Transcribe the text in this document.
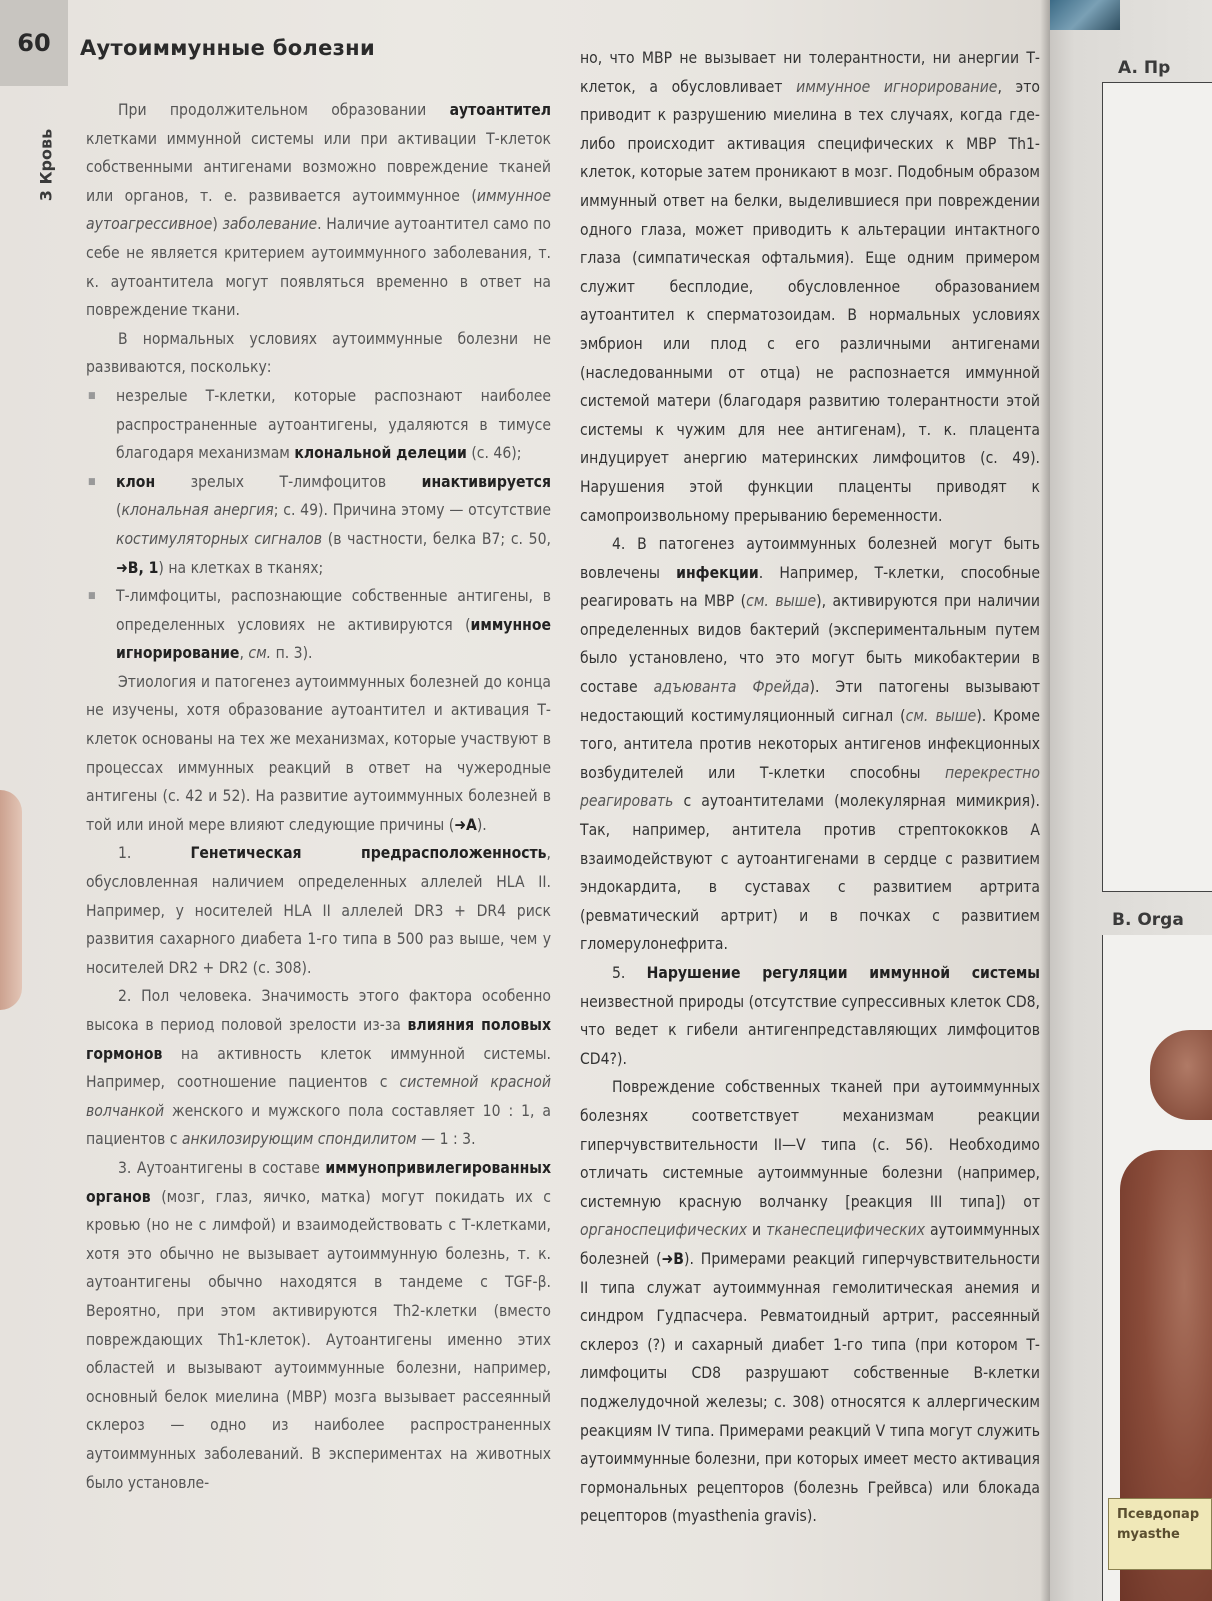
60	Аутоиммунные болезни
3 Кровь

При продолжительном образовании аутоантител клетками иммунной системы или при активации Т-клеток собственными антигенами возможно повреждение тканей или органов, т. е. развивается аутоиммунное (иммунное аутоагрессивное) заболевание. Наличие аутоантител само по себе не является критерием аутоиммунного заболевания, т. к. аутоантитела могут появляться временно в ответ на повреждение ткани.

В нормальных условиях аутоиммунные болезни не развиваются, поскольку:

■ незрелые Т-клетки, которые распознают наиболее распространенные аутоантигены, удаляются в тимусе благодаря механизмам клональной делеции (с. 46);

■ клон зрелых Т-лимфоцитов инактивируется (клональная анергия; с. 49). Причина этому — отсутствие костимуляторных сигналов (в частности, белка B7; с. 50, ➜B, 1) на клетках в тканях;

■ Т-лимфоциты, распознающие собственные антигены, в определенных условиях не активируются (иммунное игнорирование, см. п. 3).

Этиология и патогенез аутоиммунных болезней до конца не изучены, хотя образование аутоантител и активация Т-клеток основаны на тех же механизмах, которые участвуют в процессах иммунных реакций в ответ на чужеродные антигены (с. 42 и 52). На развитие аутоиммунных болезней в той или иной мере влияют следующие причины (➜A).

1. Генетическая предрасположенность, обусловленная наличием определенных аллелей HLA II. Например, у носителей HLA II аллелей DR3 + DR4 риск развития сахарного диабета 1-го типа в 500 раз выше, чем у носителей DR2 + DR2 (с. 308).

2. Пол человека. Значимость этого фактора особенно высока в период половой зрелости из-за влияния половых гормонов на активность клеток иммунной системы. Например, соотношение пациентов с системной красной волчанкой женского и мужского пола составляет 10 : 1, а пациентов с анкилозирующим спондилитом — 1 : 3.

3. Аутоантигены в составе иммунопривилегированных органов (мозг, глаз, яичко, матка) могут покидать их с кровью (но не с лимфой) и взаимодействовать с Т-клетками, хотя это обычно не вызывает аутоиммунную болезнь, т. к. аутоантигены обычно находятся в тандеме с TGF-β. Вероятно, при этом активируются Th2-клетки (вместо повреждающих Th1-клеток). Аутоантигены именно этих областей и вызывают аутоиммунные болезни, например, основный белок миелина (MBP) мозга вызывает рассеянный склероз — одно из наиболее распространенных аутоиммунных заболеваний. В экспериментах на животных было установле-

но, что MBP не вызывает ни толерантности, ни анергии Т-клеток, а обусловливает иммунное игнорирование, это приводит к разрушению миелина в тех случаях, когда где-либо происходит активация специфических к MBP Th1-клеток, которые затем проникают в мозг. Подобным образом иммунный ответ на белки, выделившиеся при повреждении одного глаза, может приводить к альтерации интактного глаза (симпатическая офтальмия). Еще одним примером служит бесплодие, обусловленное образованием аутоантител к сперматозоидам. В нормальных условиях эмбрион или плод с его различными антигенами (наследованными от отца) не распознается иммунной системой матери (благодаря развитию толерантности этой системы к чужим для нее антигенам), т. к. плацента индуцирует анергию материнских лимфоцитов (с. 49). Нарушения этой функции плаценты приводят к самопроизвольному прерыванию беременности.

4. В патогенез аутоиммунных болезней могут быть вовлечены инфекции. Например, Т-клетки, способные реагировать на MBP (см. выше), активируются при наличии определенных видов бактерий (экспериментальным путем было установлено, что это могут быть микобактерии в составе адъюванта Фрейда). Эти патогены вызывают недостающий костимуляционный сигнал (см. выше). Кроме того, антитела против некоторых антигенов инфекционных возбудителей или Т-клетки способны перекрестно реагировать с аутоантителами (молекулярная мимикрия). Так, например, антитела против стрептококков A взаимодействуют с аутоантигенами в сердце с развитием эндокардита, в суставах с развитием артрита (ревматический артрит) и в почках с развитием гломерулонефрита.

5. Нарушение регуляции иммунной системы неизвестной природы (отсутствие супрессивных клеток CD8, что ведет к гибели антигенпредставляющих лимфоцитов CD4?).

Повреждение собственных тканей при аутоиммунных болезнях соответствует механизмам реакции гиперчувствительности II—V типа (с. 56). Необходимо отличать системные аутоиммунные болезни (например, системную красную волчанку [реакция III типа]) от органоспецифических и тканеспецифических аутоиммунных болезней (➜B). Примерами реакций гиперчувствительности II типа служат аутоиммунная гемолитическая анемия и синдром Гудпасчера. Ревматоидный артрит, рассеянный склероз (?) и сахарный диабет 1-го типа (при котором Т-лимфоциты CD8 разрушают собственные B-клетки поджелудочной железы; с. 308) относятся к аллергическим реакциям IV типа. Примерами реакций V типа могут служить аутоиммунные болезни, при которых имеет место активация гормональных рецепторов (болезнь Грейвса) или блокада рецепторов (myasthenia gravis).

A. Пр
B. Orga
Псевдопар
myasthe
